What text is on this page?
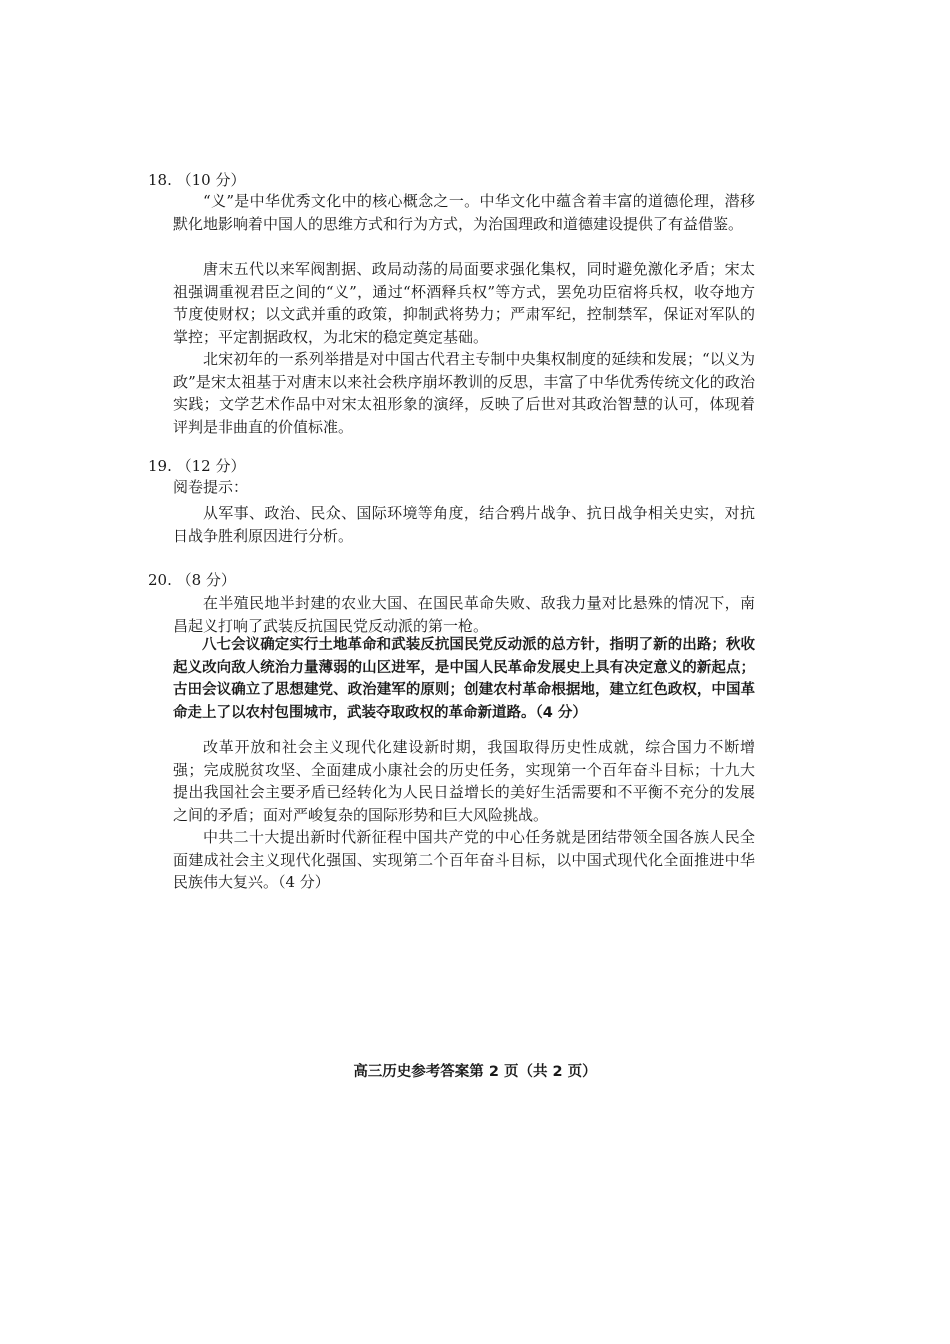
18. （10 分）
“义”是中华优秀文化中的核心概念之一。中华文化中蕴含着丰富的道德伦理，潜移默化地影响着中国人的思维方式和行为方式，为治国理政和道德建设提供了有益借鉴。
唐末五代以来军阀割据、政局动荡的局面要求强化集权，同时避免激化矛盾；宋太祖强调重视君臣之间的“义”，通过“杯酒释兵权”等方式，罢免功臣宿将兵权，收夺地方节度使财权；以文武并重的政策，抑制武将势力；严肃军纪，控制禁军，保证对军队的掌控；平定割据政权，为北宋的稳定奠定基础。
北宋初年的一系列举措是对中国古代君主专制中央集权制度的延续和发展；“以义为政”是宋太祖基于对唐末以来社会秩序崩坏教训的反思，丰富了中华优秀传统文化的政治实践；文学艺术作品中对宋太祖形象的演绎，反映了后世对其政治智慧的认可，体现着评判是非曲直的价值标准。
19. （12 分）
阅卷提示：
从军事、政治、民众、国际环境等角度，结合鸦片战争、抗日战争相关史实，对抗日战争胜利原因进行分析。
20. （8 分）
在半殖民地半封建的农业大国、在国民革命失败、敌我力量对比悬殊的情况下，南昌起义打响了武装反抗国民党反动派的第一枪。
八七会议确定实行土地革命和武装反抗国民党反动派的总方针，指明了新的出路；秋收起义改向敌人统治力量薄弱的山区进军，是中国人民革命发展史上具有决定意义的新起点；古田会议确立了思想建党、政治建军的原则；创建农村革命根据地，建立红色政权，中国革命走上了以农村包围城市，武装夺取政权的革命新道路。（4 分）
改革开放和社会主义现代化建设新时期，我国取得历史性成就，综合国力不断增强；完成脱贫攻坚、全面建成小康社会的历史任务，实现第一个百年奋斗目标；十九大提出我国社会主要矛盾已经转化为人民日益增长的美好生活需要和不平衡不充分的发展之间的矛盾；面对严峻复杂的国际形势和巨大风险挑战。
中共二十大提出新时代新征程中国共产党的中心任务就是团结带领全国各族人民全面建成社会主义现代化强国、实现第二个百年奋斗目标，以中国式现代化全面推进中华民族伟大复兴。（4 分）
高三历史参考答案第 2 页（共 2 页）
